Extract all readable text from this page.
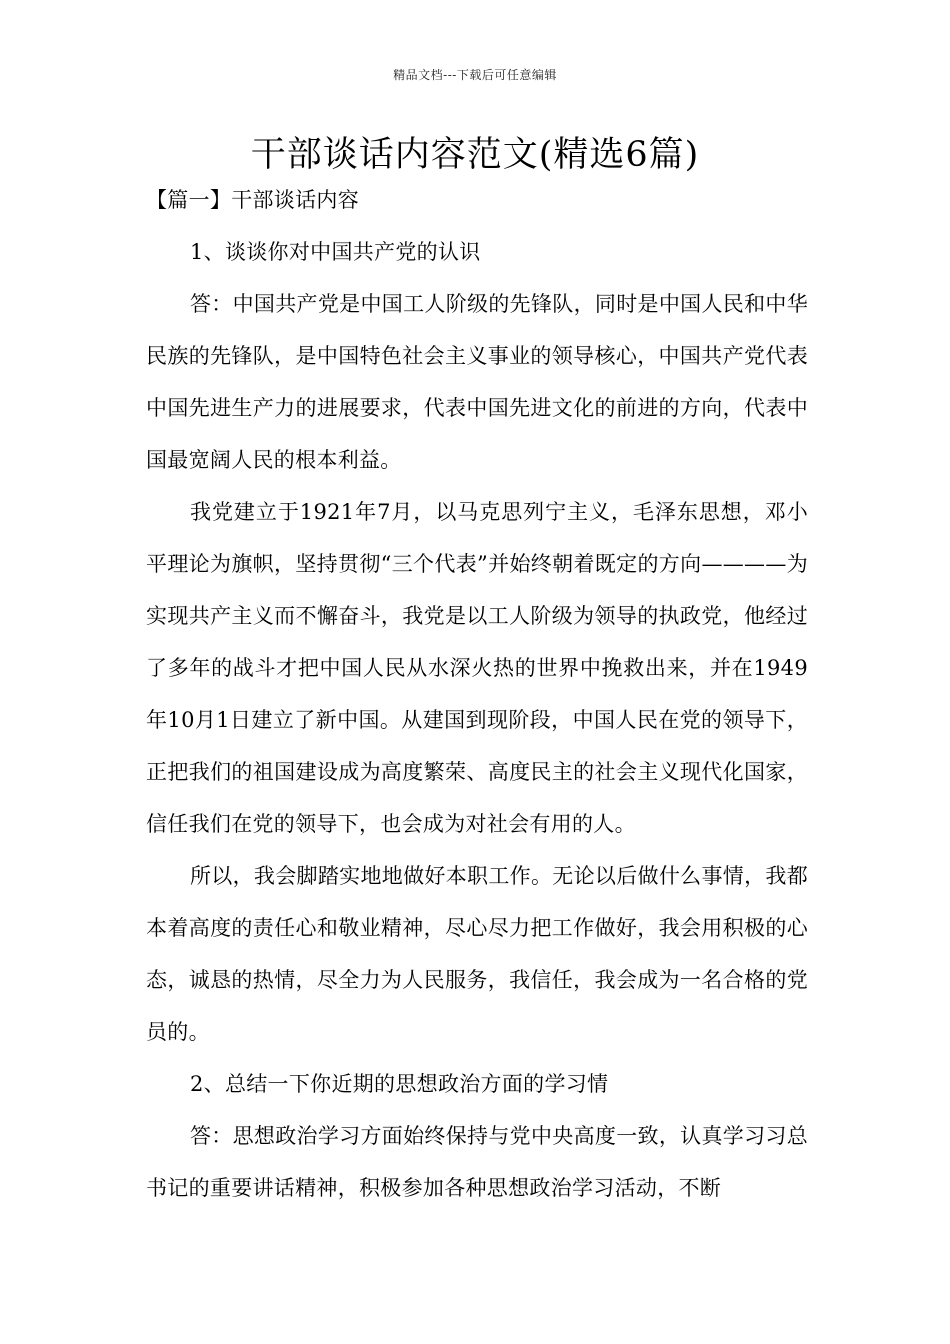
精品文档---下载后可任意编辑
干部谈话内容范文(精选6篇)

【篇一】干部谈话内容

1、谈谈你对中国共产党的认识

答：中国共产党是中国工人阶级的先锋队，同时是中国人民和中华民族的先锋队，是中国特色社会主义事业的领导核心，中国共产党代表中国先进生产力的进展要求，代表中国先进文化的前进的方向，代表中国最宽阔人民的根本利益。

我党建立于1921年7月，以马克思列宁主义，毛泽东思想，邓小平理论为旗帜，坚持贯彻“三个代表”并始终朝着既定的方向————为实现共产主义而不懈奋斗，我党是以工人阶级为领导的执政党，他经过了多年的战斗才把中国人民从水深火热的世界中挽救出来，并在1949年10月1日建立了新中国。从建国到现阶段，中国人民在党的领导下，正把我们的祖国建设成为高度繁荣、高度民主的社会主义现代化国家，信任我们在党的领导下，也会成为对社会有用的人。

所以，我会脚踏实地地做好本职工作。无论以后做什么事情，我都本着高度的责任心和敬业精神，尽心尽力把工作做好，我会用积极的心态，诚恳的热情，尽全力为人民服务，我信任，我会成为一名合格的党员的。

2、总结一下你近期的思想政治方面的学习情

答：思想政治学习方面始终保持与党中央高度一致，认真学习习总书记的重要讲话精神，积极参加各种思想政治学习活动，不断
